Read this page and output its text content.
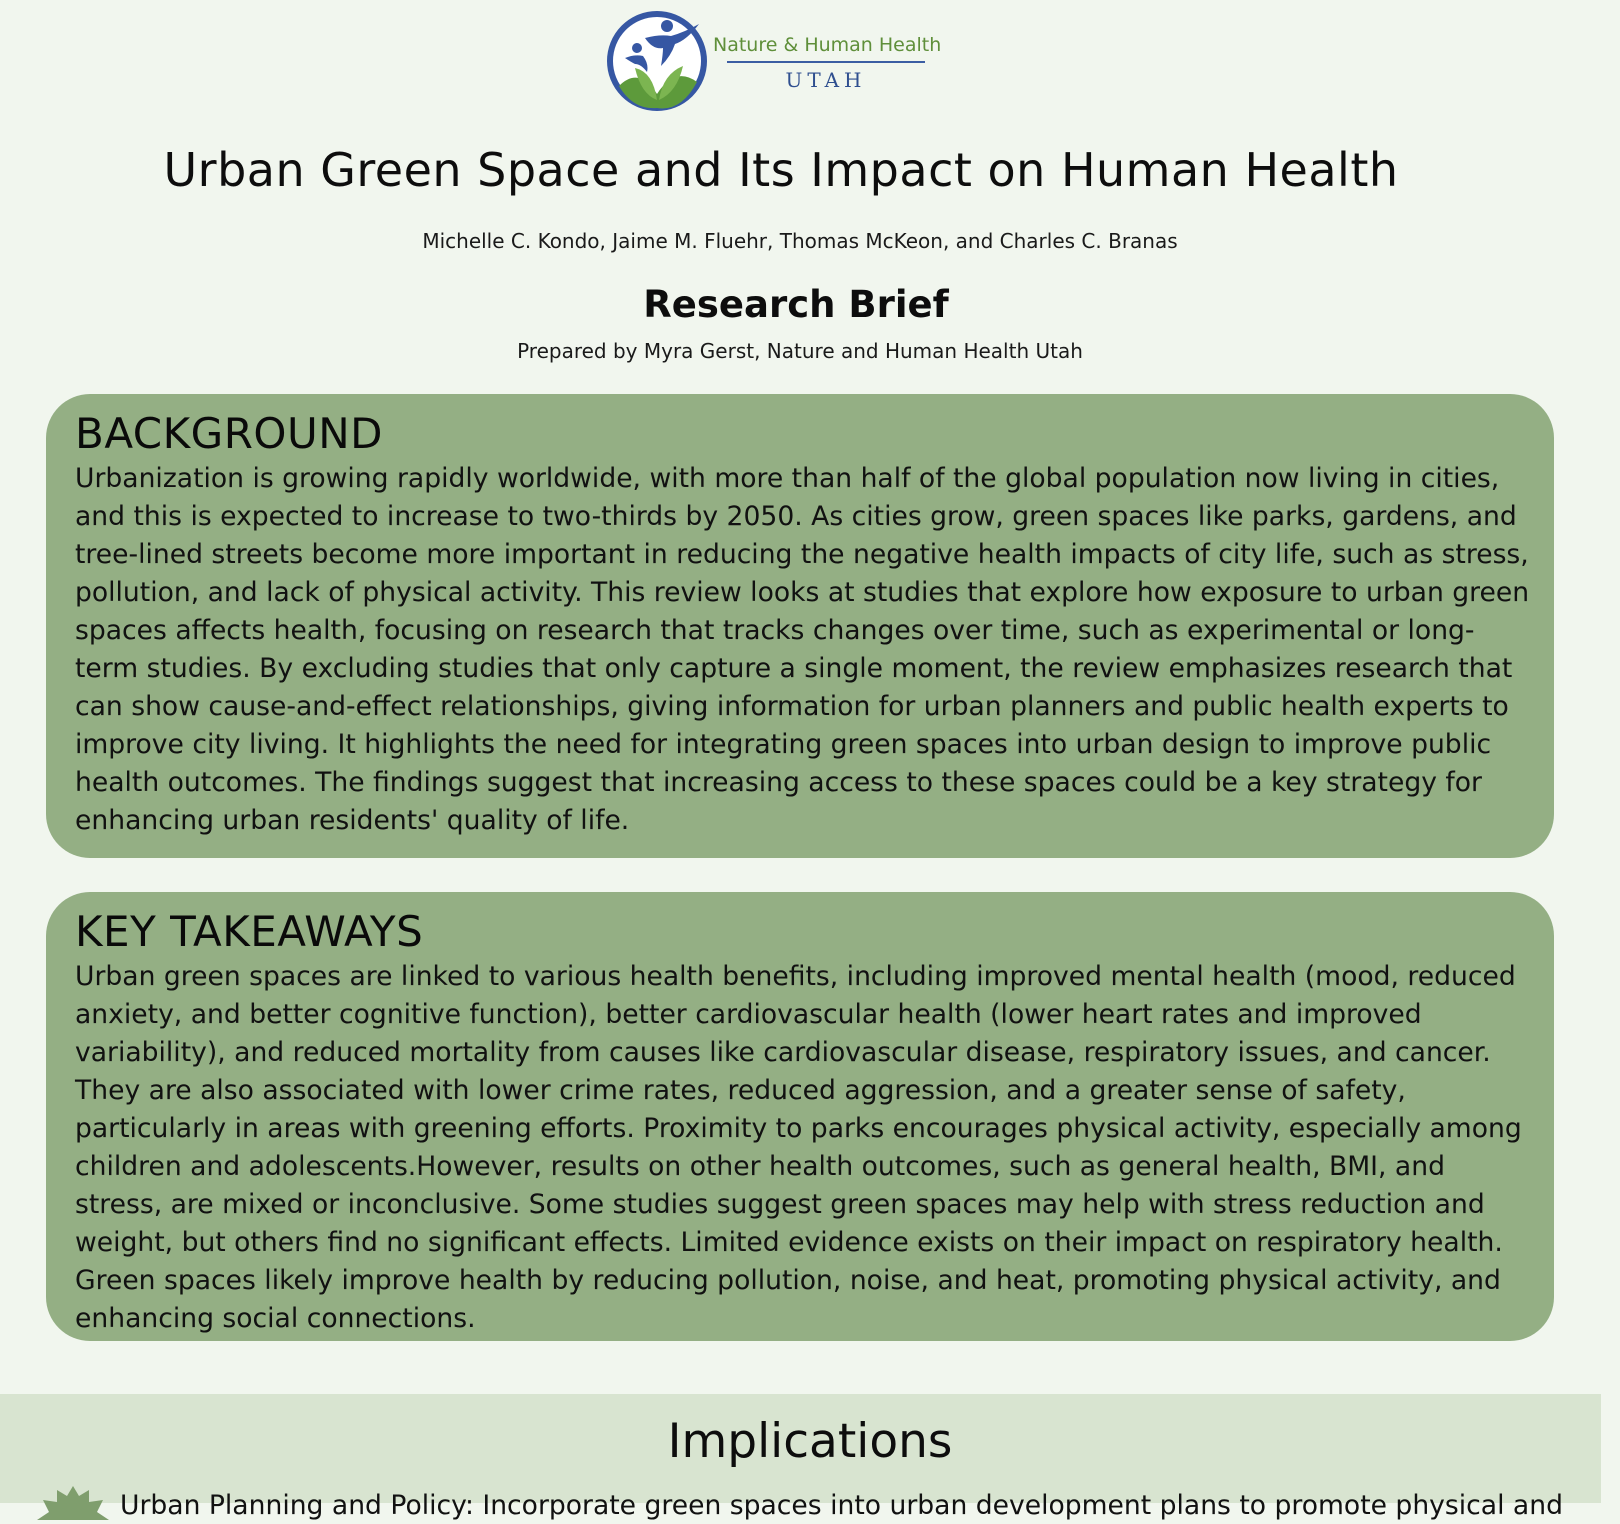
Nature & Human Health
UTAH
Urban Green Space and Its Impact on Human Health
Michelle C. Kondo, Jaime M. Fluehr, Thomas McKeon, and Charles C. Branas
Research Brief
Prepared by Myra Gerst, Nature and Human Health Utah
BACKGROUND

Urbanization is growing rapidly worldwide, with more than half of the global population now living in cities, and this is expected to increase to two-thirds by 2050. As cities grow, green spaces like parks, gardens, and tree-lined streets become more important in reducing the negative health impacts of city life, such as stress, pollution, and lack of physical activity. This review looks at studies that explore how exposure to urban green spaces affects health, focusing on research that tracks changes over time, such as experimental or long-term studies. By excluding studies that only capture a single moment, the review emphasizes research that can show cause-and-effect relationships, giving information for urban planners and public health experts to improve city living. It highlights the need for integrating green spaces into urban design to improve public health outcomes. The findings suggest that increasing access to these spaces could be a key strategy for enhancing urban residents' quality of life.

KEY TAKEAWAYS

Urban green spaces are linked to various health benefits, including improved mental health (mood, reduced anxiety, and better cognitive function), better cardiovascular health (lower heart rates and improved variability), and reduced mortality from causes like cardiovascular disease, respiratory issues, and cancer. They are also associated with lower crime rates, reduced aggression, and a greater sense of safety, particularly in areas with greening efforts. Proximity to parks encourages physical activity, especially among children and adolescents.However, results on other health outcomes, such as general health, BMI, and stress, are mixed or inconclusive. Some studies suggest green spaces may help with stress reduction and weight, but others find no significant effects. Limited evidence exists on their impact on respiratory health. Green spaces likely improve health by reducing pollution, noise, and heat, promoting physical activity, and enhancing social connections.

Implications
Urban Planning and Policy: Incorporate green spaces into urban development plans to promote physical and
